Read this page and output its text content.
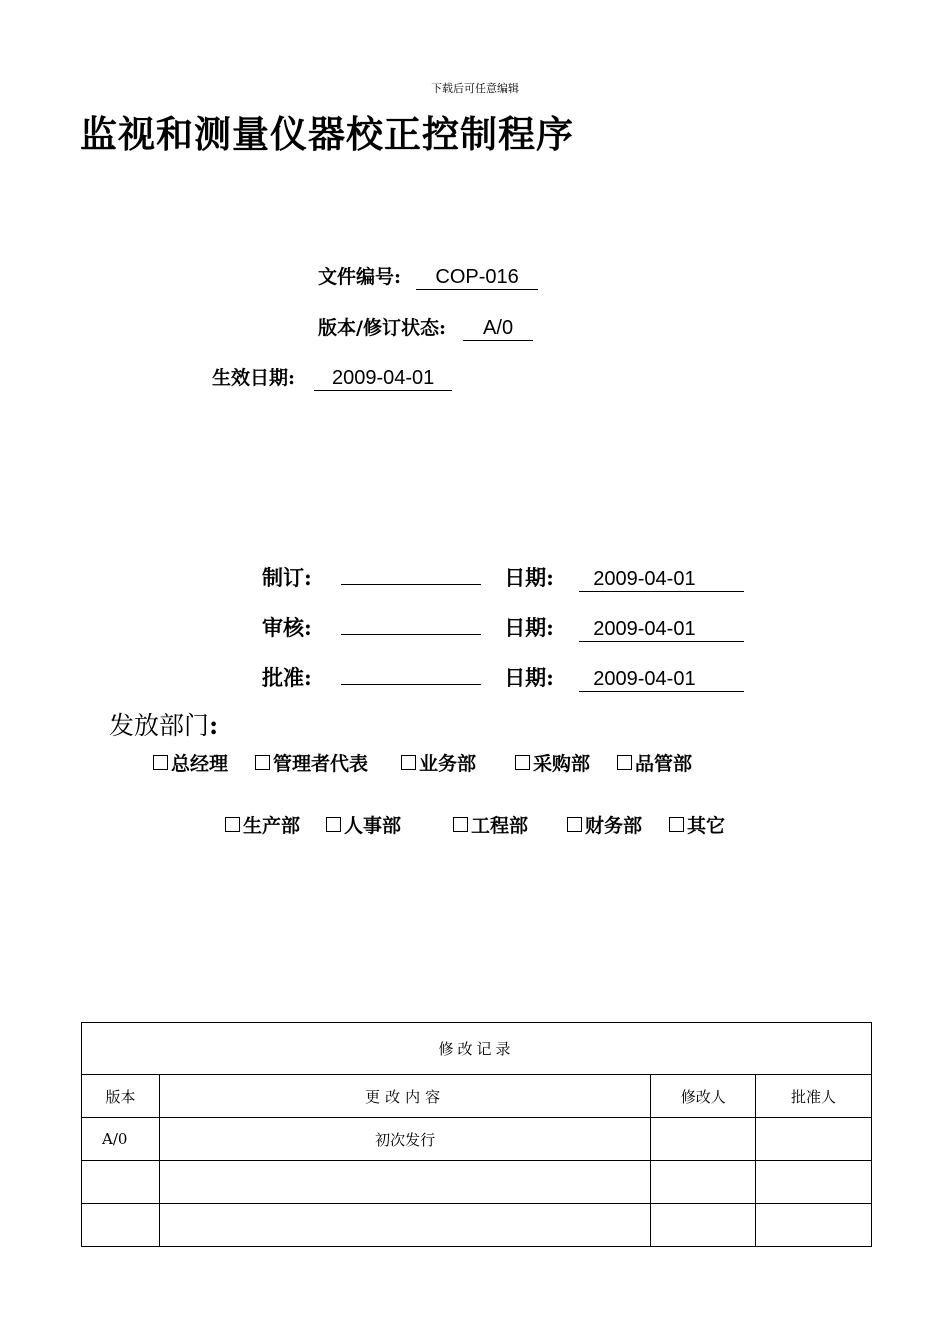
下载后可任意编辑
监视和测量仪器校正控制程序
文件编号: COP-016
版本/修订状态: A/0
生效日期: 2009-04-01
制订:	日期: 2009-04-01
审核:	日期: 2009-04-01
批准:	日期: 2009-04-01
发放部门:
总经理 管理者代表	业务部	采购部 品管部
生产部 人事部	工程部	财务部 其它
修改记录			
版本	更改内容	修改人	批准人
A/0	初次发行		
